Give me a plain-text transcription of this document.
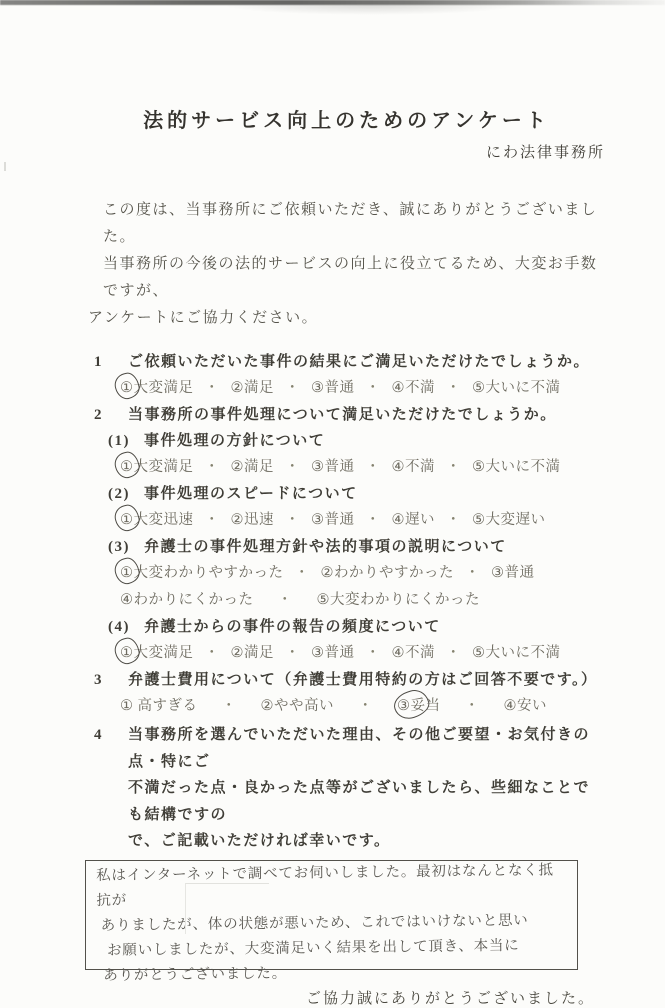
法的サービス向上のためのアンケート
にわ法律事務所
この度は、当事務所にご依頼いただき、誠にありがとうございました。
当事務所の今後の法的サービスの向上に役立てるため、大変お手数ですが、
アンケートにご協力ください。
1	ご依頼いただいた事件の結果にご満足いただけたでしょうか。
①大変満足 ・ ②満足 ・ ③普通 ・ ④不満 ・ ⑤大いに不満
2	当事務所の事件処理について満足いただけたでしょうか。
(1) 事件処理の方針について
①大変満足 ・ ②満足 ・ ③普通 ・ ④不満 ・ ⑤大いに不満
(2) 事件処理のスピードについて
①大変迅速 ・ ②迅速 ・ ③普通 ・ ④遅い ・ ⑤大変遅い
(3) 弁護士の事件処理方針や法的事項の説明について
①大変わかりやすかった ・ ②わかりやすかった ・ ③普通
④わかりにくかった ・ ⑤大変わかりにくかった
(4) 弁護士からの事件の報告の頻度について
①大変満足 ・ ②満足 ・ ③普通 ・ ④不満 ・ ⑤大いに不満
3	弁護士費用について（弁護士費用特約の方はご回答不要です。）
① 高すぎる ・ ②やや高い ・ ③妥当 ・ ④安い
4	当事務所を選んでいただいた理由、その他ご要望・お気付きの点・特にご
不満だった点・良かった点等がございましたら、些細なことでも結構ですの
で、ご記載いただければ幸いです。
私はインターネットで調べてお伺いしました。最初はなんとなく抵抗が
ありましたが、体の状態が悪いため、これではいけないと思い
お願いしましたが、大変満足いく結果を出して頂き、本当に
ありがとうございました。
ご協力誠にありがとうございました。
